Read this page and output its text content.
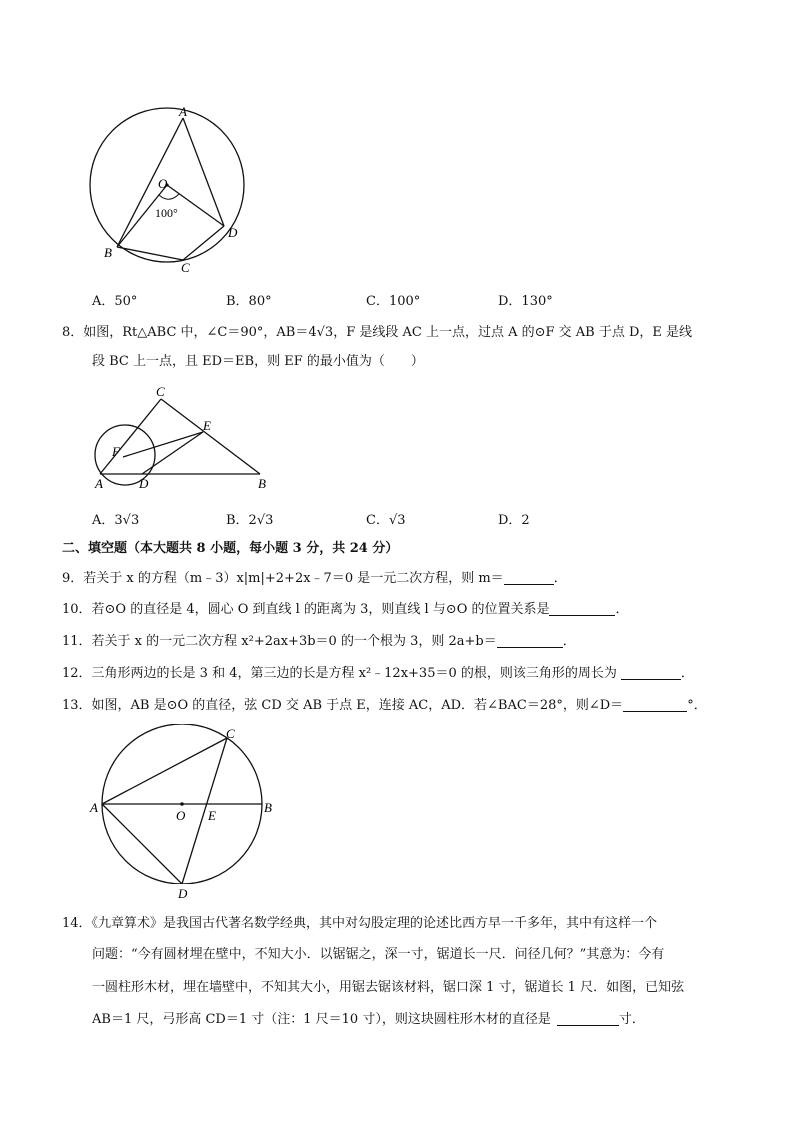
A
O
B
C
D
100°
A．50°	B．80°	C．100°	D．130°
8．如图，Rt△ABC 中，∠C＝90°，AB＝4√3，F 是线段 AC 上一点，过点 A 的⊙F 交 AB 于点 D，E 是线
段 BC 上一点，且 ED＝EB，则 EF 的最小值为（　　）
C
E
F
A	D	B
A．3√3	B．2√3	C．√3	D．2
二、填空题（本大题共 8 小题，每小题 3 分，共 24 分）
9．若关于 x 的方程（m﹣3）x|m|+2+2x﹣7＝0 是一元二次方程，则 m＝	．
10．若⊙O 的直径是 4，圆心 O 到直线 l 的距离为 3，则直线 l 与⊙O 的位置关系是	．
11．若关于 x 的一元二次方程 x²+2ax+3b＝0 的一个根为 3，则 2a+b＝	．
12．三角形两边的长是 3 和 4，第三边的长是方程 x²﹣12x+35＝0 的根，则该三角形的周长为	．
13．如图，AB 是⊙O 的直径，弦 CD 交 AB 于点 E，连接 AC，AD．若∠BAC＝28°，则∠D＝	°．
A
O E
B
C
D
14．《九章算术》是我国古代著名数学经典，其中对勾股定理的论述比西方早一千多年，其中有这样一个
问题：“今有圆材埋在壁中，不知大小．以锯锯之，深一寸，锯道长一尺．问径几何？”其意为：今有
一圆柱形木材，埋在墙壁中，不知其大小，用锯去锯该材料，锯口深 1 寸，锯道长 1 尺．如图，已知弦
AB＝1 尺，弓形高 CD＝1 寸（注：1 尺＝10 寸），则这块圆柱形木材的直径是	寸．
